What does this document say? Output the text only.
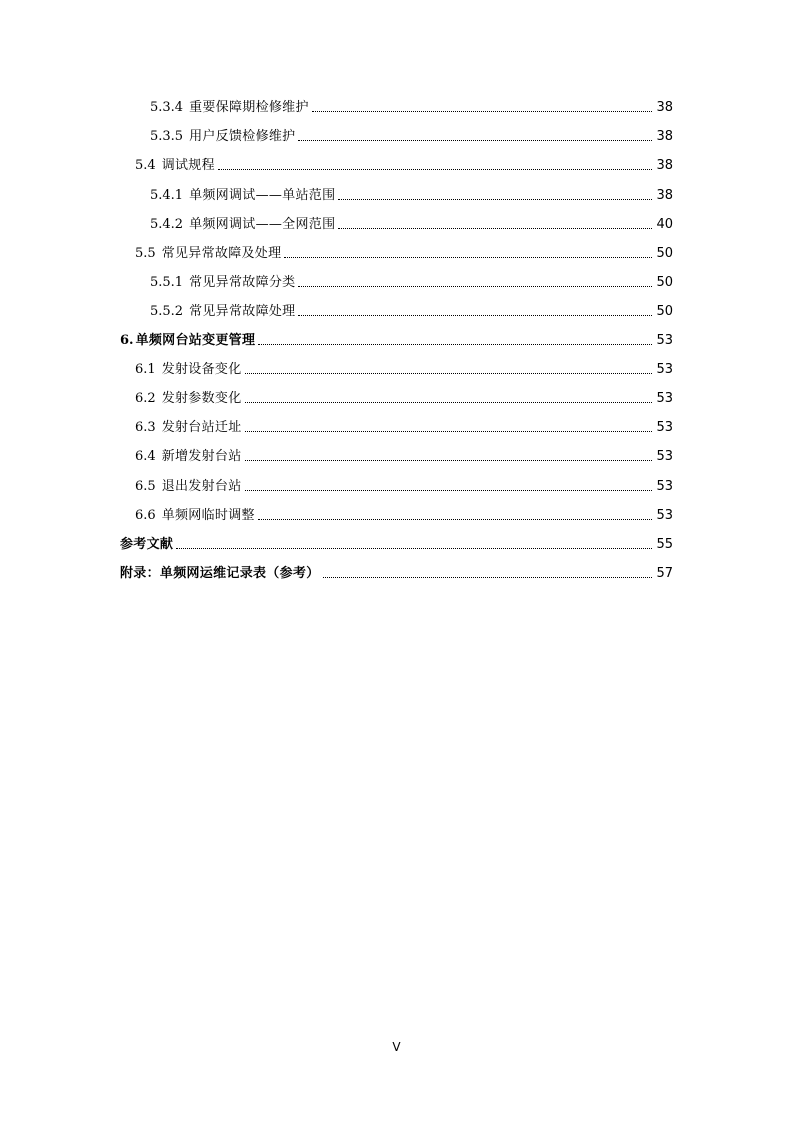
5.3.4 重要保障期检修维护	38
5.3.5 用户反馈检修维护	38
5.4 调试规程	38
5.4.1 单频网调试——单站范围	38
5.4.2 单频网调试——全网范围	40
5.5 常见异常故障及处理	50
5.5.1 常见异常故障分类	50
5.5.2 常见异常故障处理	50
6. 单频网台站变更管理	53
6.1 发射设备变化	53
6.2 发射参数变化	53
6.3 发射台站迁址	53
6.4 新增发射台站	53
6.5 退出发射台站	53
6.6 单频网临时调整	53
参考文献	55
附录：单频网运维记录表（参考）	57
V
